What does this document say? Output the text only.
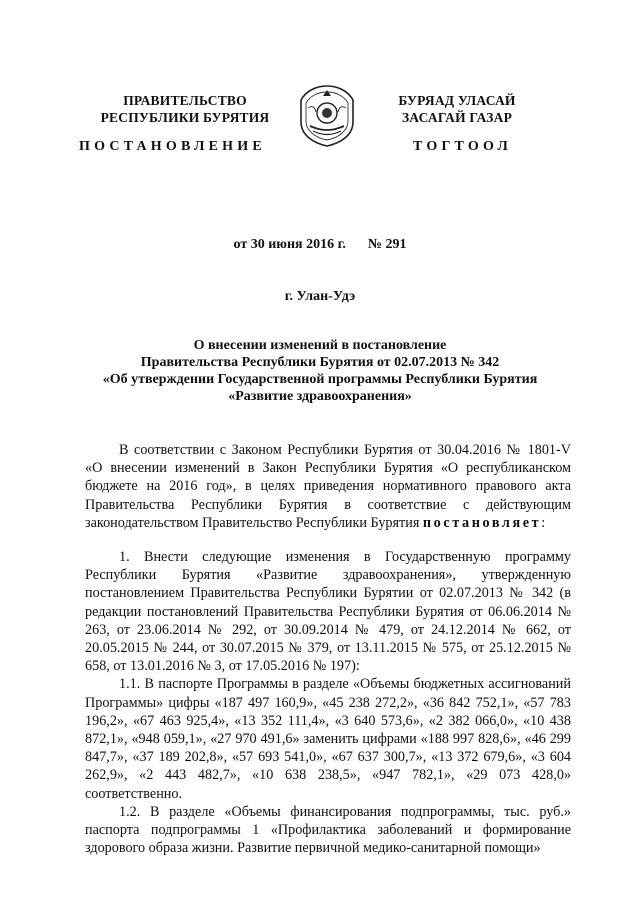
ПРАВИТЕЛЬСТВО
РЕСПУБЛИКИ БУРЯТИЯ
БУРЯАД УЛАСАЙ
ЗАСАГАЙ ГАЗАР
ПОСТАНОВЛЕНИЕ	ТОГТООЛ
от 30 июня 2016 г. № 291
г. Улан-Удэ
О внесении изменений в постановление
Правительства Республики Бурятия от 02.07.2013 № 342
«Об утверждении Государственной программы Республики Бурятия
«Развитие здравоохранения»

В соответствии с Законом Республики Бурятия от 30.04.2016 № 1801-V «О внесении изменений в Закон Республики Бурятия «О республиканском бюджете на 2016 год», в целях приведения нормативного правового акта Правительства Республики Бурятия в соответствие с действующим законодательством Правительство Республики Бурятия постановляет:

1. Внести следующие изменения в Государственную программу Республики Бурятия «Развитие здравоохранения», утвержденную постановлением Правительства Республики Бурятии от 02.07.2013 № 342 (в редакции постановлений Правительства Республики Бурятия от 06.06.2014 № 263, от 23.06.2014 № 292, от 30.09.2014 № 479, от 24.12.2014 № 662, от 20.05.2015 № 244, от 30.07.2015 № 379, от 13.11.2015 № 575, от 25.12.2015 № 658, от 13.01.2016 № 3, от 17.05.2016 № 197):

1.1. В паспорте Программы в разделе «Объемы бюджетных ассигнований Программы» цифры «187 497 160,9», «45 238 272,2», «36 842 752,1», «57 783 196,2», «67 463 925,4», «13 352 111,4», «3 640 573,6», «2 382 066,0», «10 438 872,1», «948 059,1», «27 970 491,6» заменить цифрами «188 997 828,6», «46 299 847,7», «37 189 202,8», «57 693 541,0», «67 637 300,7», «13 372 679,6», «3 604 262,9», «2 443 482,7», «10 638 238,5», «947 782,1», «29 073 428,0» соответственно.

1.2. В разделе «Объемы финансирования подпрограммы, тыс. руб.» паспорта подпрограммы 1 «Профилактика заболеваний и формирование здорового образа жизни. Развитие первичной медико-санитарной помощи»
